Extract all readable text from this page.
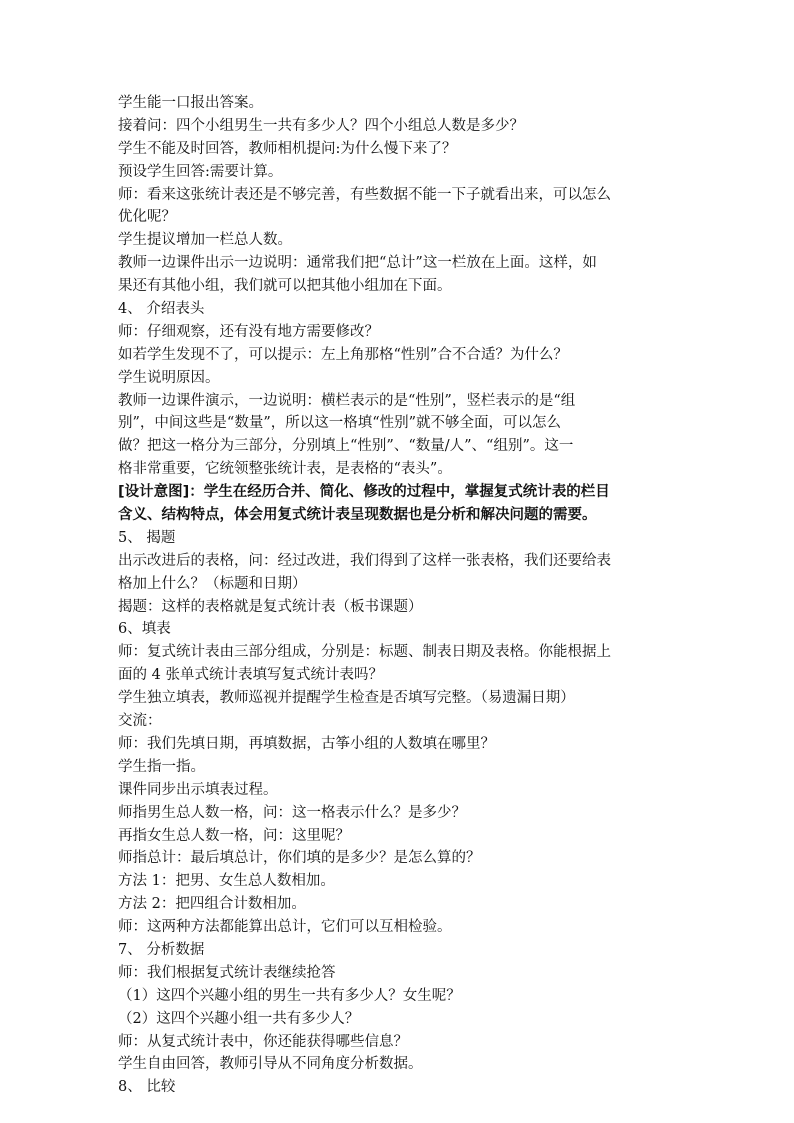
学生能一口报出答案。
接着问：四个小组男生一共有多少人？四个小组总人数是多少？
学生不能及时回答，教师相机提问:为什么慢下来了？
预设学生回答:需要计算。
师：看来这张统计表还是不够完善，有些数据不能一下子就看出来，可以怎么
优化呢？
学生提议增加一栏总人数。
教师一边课件出示一边说明：通常我们把“总计”这一栏放在上面。这样，如
果还有其他小组，我们就可以把其他小组加在下面。
4、 介绍表头
师：仔细观察，还有没有地方需要修改？
如若学生发现不了，可以提示：左上角那格“性别”合不合适？为什么？
学生说明原因。
教师一边课件演示，一边说明：横栏表示的是“性别”，竖栏表示的是“组
别”，中间这些是“数量”，所以这一格填“性别”就不够全面，可以怎么
做？把这一格分为三部分，分别填上“性别”、“数量/人”、“组别”。这一
格非常重要，它统领整张统计表，是表格的“表头”。
[设计意图]：学生在经历合并、简化、修改的过程中，掌握复式统计表的栏目
含义、结构特点，体会用复式统计表呈现数据也是分析和解决问题的需要。
5、 揭题
出示改进后的表格，问：经过改进，我们得到了这样一张表格，我们还要给表
格加上什么？（标题和日期）
揭题：这样的表格就是复式统计表（板书课题）
6、填表
师：复式统计表由三部分组成，分别是：标题、制表日期及表格。你能根据上
面的 4 张单式统计表填写复式统计表吗？
学生独立填表，教师巡视并提醒学生检查是否填写完整。（易遗漏日期）
交流：
师：我们先填日期，再填数据，古筝小组的人数填在哪里？
学生指一指。
课件同步出示填表过程。
师指男生总人数一格，问：这一格表示什么？是多少？
再指女生总人数一格，问：这里呢？
师指总计：最后填总计，你们填的是多少？是怎么算的？
方法 1：把男、女生总人数相加。
方法 2：把四组合计数相加。
师：这两种方法都能算出总计，它们可以互相检验。
7、 分析数据
师：我们根据复式统计表继续抢答
（1）这四个兴趣小组的男生一共有多少人？女生呢？
（2）这四个兴趣小组一共有多少人？
师：从复式统计表中，你还能获得哪些信息？
学生自由回答，教师引导从不同角度分析数据。
8、 比较
